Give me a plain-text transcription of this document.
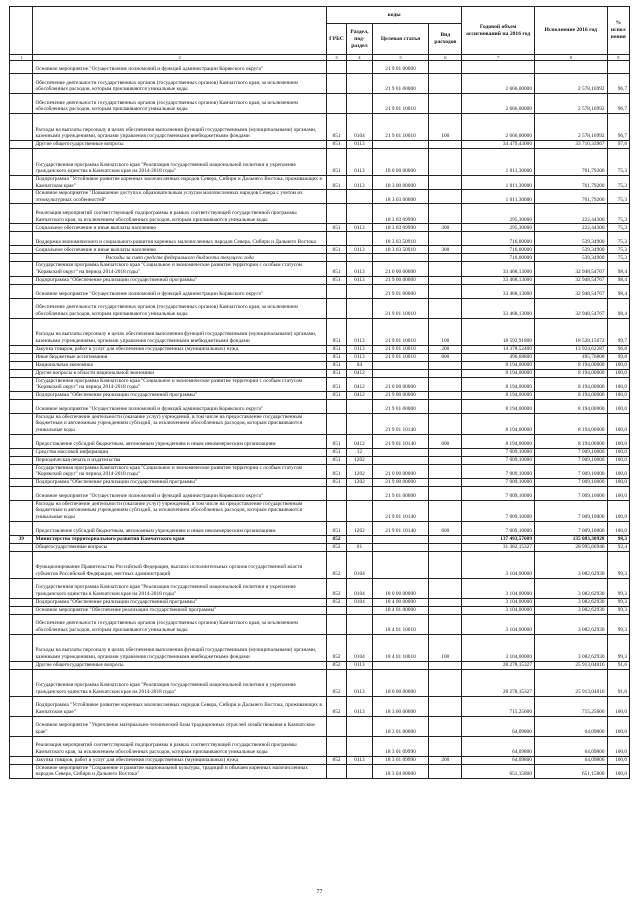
		коды				Годовой объем ассигнований на 2016 год	Исполнение 2016 год	% испол нения
		ГРБС	Раздел, под-раздел	Целевая статья	Вид расходов			
1	2	3	4	5	6	7	8	9
	Основное мероприятие "Осуществление полномочий и функций администрации Корякского округа"			21 9 01 00000				
	Обеспечение деятельности государственных органов (государственных органов) Камчатского края, за исключением обособленных расходов, которым присваиваются уникальные коды			21 9 01 00000		2 666,00000	2 578,16992	96,7
	Обеспечение деятельности государственных органов (государственных органов) Камчатского края, за исключением обособленных расходов, которым присваиваются уникальные коды			21 9 01 10010		2 666,00000	2 578,16992	96,7
	Расходы на выплаты персоналу в целях обеспечения выполнения функций государственными (муниципальными) органами, казенными учреждениями, органами управления государственными внебюджетными фондами	851	0104	21 9 01 10010	100	2 666,00000	2 578,16992	96,7
	Другие общегосударственные вопросы	851	0113			34 479,43000	33 710,33967	97,8
	Государственная программа Камчатского края "Реализация государственной национальной политики и укрепление гражданского единства в Камчатском крае на 2014-2018 годы"	851	0113	18 0 00 00000		1 011,30000	761,79200	75,3
	Подпрограмма "Устойчивое развитие коренных малочисленных народов Севера, Сибири и Дальнего Востока, проживающих в Камчатском крае"	851	0113	18 3 00 00000		1 011,30000	761,79200	75,3
	Основное мероприятие "Повышение доступа к образовательным услугам малочисленных народов Севера с учетом их этнокультурных особенностей"			18 3 03 00000		1 011,30000	761,79200	75,3
	Реализация мероприятий соответствующей подпрограммы в рамках соответствующей государственной программы Камчатского края, за исключением обособленных расходов, которым присваиваются уникальные коды			18 3 03 09990		295,30000	222,44300	75,3
	Социальное обеспечение и иные выплаты населению	851	0113	18 3 03 09990	300	295,30000	222,44300	75,3
	Поддержка экономического и социального развития коренных малочисленных народов Севера, Сибири и Дальнего Востока			18 3 03 50910		716,00000	539,34900	75,3
	Социальное обеспечение и иные выплаты населению	851	0113	18 3 03 50910	300	716,00000	539,34900	75,3
	Расходы за счет средств федерального бюджета текущего года					716,00000	539,34900	75,3
	Государственная программа Камчатского края "Социальное и экономическое развитие территории с особым статусом "Корякский округ" на период 2014-2018 годы"	851	0113	21 0 00 00000		33 468,13000	32 948,54767	98,4
	Подпрограмма "Обеспечение реализации государственной программы"	851	0113	21 9 00 00000		33 468,13000	32 948,54767	98,4
	Основное мероприятие "Осуществление полномочий и функций администрации Корякского округа"			21 9 01 00000		33 468,13000	32 948,54767	98,4
	Обеспечение деятельности государственных органов (государственных органов) Камчатского края, за исключением обособленных расходов, которым присваиваются уникальные коды			21 9 01 10010		33 468,13000	32 948,54767	98,4
	Расходы на выплаты персоналу в целях обеспечения выполнения функций государственными (муниципальными) органами, казенными учреждениями, органами управления государственными внебюджетными фондами	851	0113	21 9 01 10010	100	18 592,91800	18 528,15672	99,7
	Закупка товаров, работ и услуг для обеспечения государственных (муниципальных) нужд	851	0113	21 9 01 10010	200	14 378,52400	13 924,62287	96,8
	Иные бюджетные ассигнования	851	0113	21 9 01 10010	800	496,68800	495,76808	99,8
	Национальная экономика	851	04			8 194,00000	8 194,00000	100,0
	Другие вопросы в области национальной экономики	851	0412			8 194,00000	8 194,00000	100,0
	Государственная программа Камчатского края "Социальное и экономическое развитие территории с особым статусом "Корякский округ" на период 2014-2018 годы"	851	0412	21 0 00 00000		8 194,00000	8 194,00000	100,0
	Подпрограмма "Обеспечение реализации государственной программы"	851	0412	21 9 00 00000		8 194,00000	8 194,00000	100,0
	Основное мероприятие "Осуществление полномочий и функций администрации Корякского округа"			21 9 01 00000		8 194,00000	8 194,00000	100,0
	Расходы на обеспечение деятельности (оказание услуг) учреждений, в том числе на предоставление государственным бюджетным и автономным учреждениям субсидий, за исключением обособленных расходов, которым присваиваются уникальные коды			21 9 01 10140		8 194,00000	8 194,00000	100,0
	Предоставление субсидий бюджетным, автономным учреждениям и иным некоммерческим организациям	851	0412	21 9 01 10140	600	8 194,00000	8 194,00000	100,0
	Средства массовой информации	851	12			7 009,10000	7 009,10000	100,0
	Периодическая печать и издательства	851	1202			7 009,10000	7 009,10000	100,0
	Государственная программа Камчатского края "Социальное и экономическое развитие территории с особым статусом "Корякский округ" на период 2014-2018 годы"	851	1202	21 0 00 00000		7 009,10000	7 009,10000	100,0
	Подпрограмма "Обеспечение реализации государственной программы"	851	1202	21 9 00 00000		7 009,10000	7 009,10000	100,0
	Основное мероприятие "Осуществление полномочий и функций администрации Корякского округа"			21 9 01 00000		7 009,10000	7 009,10000	100,0
	Расходы на обеспечение деятельности (оказание услуг) учреждений, в том числе на предоставление государственным бюджетным и автономным учреждениям субсидий, за исключением обособленных расходов, которым присваиваются уникальные коды			21 9 01 10140		7 009,10000	7 009,10000	100,0
	Предоставление субсидий бюджетным, автономным учреждениям и иным некоммерческим организациям	851	1202	21 9 01 10140	600	7 009,10000	7 009,10000	100,0
39	Министерство территориального развития Камчатского края	852				137 493,57609	135 083,30928	98,3
	Общегосударственные вопросы	852	01			31 382,15327	28 995,66946	92,4
	Функционирование Правительства Российской Федерации, высших исполнительных органов государственной власти субъектов Российской Федерации, местных администраций	852	0104			3 104,00000	3 082,62930	99,3
	Государственная программа Камчатского края "Реализация государственной национальной политики и укрепление гражданского единства в Камчатском крае на 2014-2018 годы"	852	0104	18 0 00 00000		3 104,00000	3 082,62930	99,3
	Подпрограмма "Обеспечение реализации государственной программы"	852	0104	18 4 00 00000		3 104,00000	3 082,62930	99,3
	Основное мероприятие "Обеспечение реализации государственной программы"			18 4 01 00000		3 104,00000	3 082,62930	99,3
	Обеспечение деятельности государственных органов (государственных органов) Камчатского края, за исключением обособленных расходов, которым присваиваются уникальные коды			18 4 01 10010		3 104,00000	3 082,62930	99,3
	Расходы на выплаты персоналу в целях обеспечения выполнения функций государственными (муниципальными) органами, казенными учреждениями, органами управления государственными внебюджетными фондами	852	0104	18 4 01 10010	100	3 104,00000	3 082,62930	99,3
	Другие общегосударственные вопросы	852	0113			28 278,15327	25 913,04016	91,6
	Государственная программа Камчатского края "Реализация государственной национальной политики и укрепление гражданского единства в Камчатском крае на 2014-2018 годы"	852	0113	18 0 00 00000		28 278,15327	25 913,04016	91,6
	Подпрограмма "Устойчивое развитие коренных малочисленных народов Севера, Сибири и Дальнего Востока, проживающих в Камчатском крае"	852	0113	18 3 00 00000		715,25600	715,25600	100,0
	Основное мероприятие "Укрепление материально-технической базы традиционных отраслей хозяйствования в Камчатском крае"			18 3 01 00000		64,09800	64,09800	100,0
	Реализация мероприятий соответствующей подпрограммы в рамках соответствующей государственной программы Камчатского края, за исключением обособленных расходов, которым присваиваются уникальные коды			18 3 01 09990		64,09800	64,09800	100,0
	Закупка товаров, работ и услуг для обеспечения государственных (муниципальных) нужд	852	0113	18 3 01 09990	200	64,09800	64,09800	100,0
	Основное мероприятие "Сохранение и развитие национальной культуры, традиций и обычаев коренных малочисленных народов Севера, Сибири и Дальнего Востока"			18 3 04 00000		651,15800	651,15800	100,0
77
